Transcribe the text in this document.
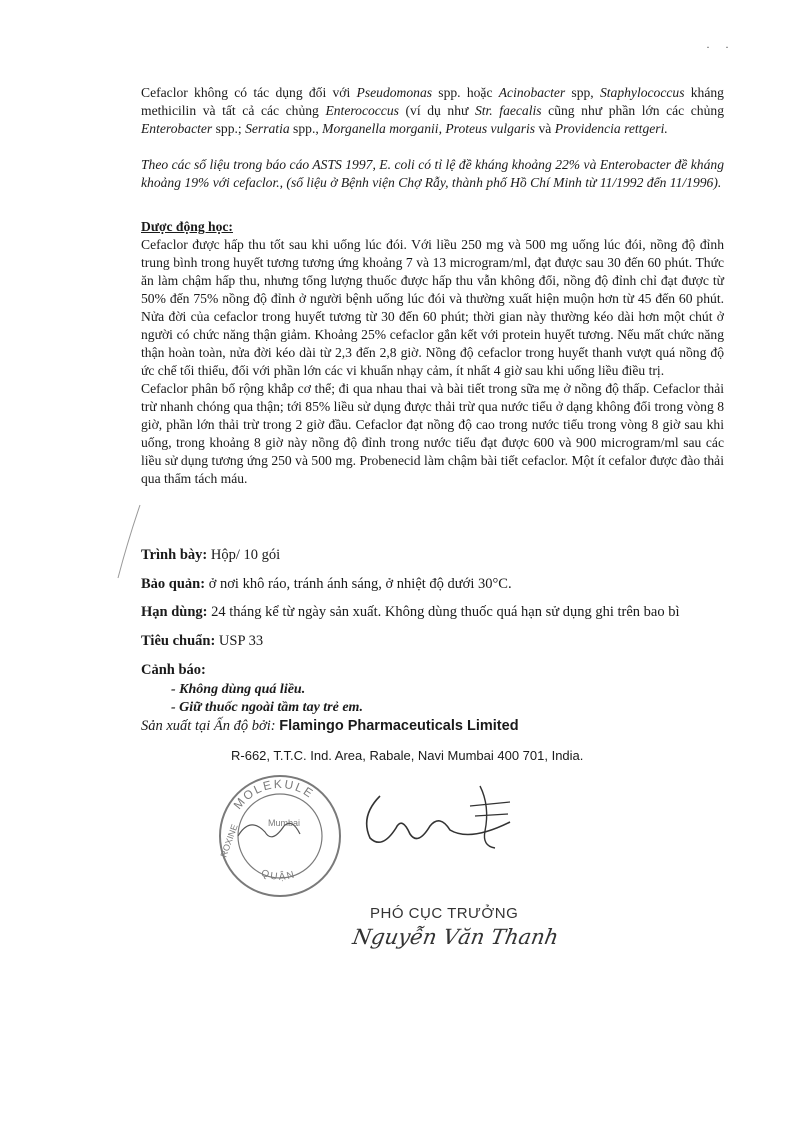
· ·

Cefaclor không có tác dụng đối với Pseudomonas spp. hoặc Acinobacter spp, Staphylococcus kháng methicilin và tất cả các chủng Enterococcus (ví dụ như Str. faecalis cũng như phần lớn các chủng Enterobacter spp.; Serratia spp., Morganella morganii, Proteus vulgaris và Providencia rettgeri.

Theo các số liệu trong báo cáo ASTS 1997, E. coli có tỉ lệ đề kháng khoảng 22% và Enterobacter đề kháng khoảng 19% với cefaclor., (số liệu ở Bệnh viện Chợ Rẫy, thành phố Hồ Chí Minh từ 11/1992 đến 11/1996).

Dược động học:

Cefaclor được hấp thu tốt sau khi uống lúc đói. Với liều 250 mg và 500 mg uống lúc đói, nồng độ đỉnh trung bình trong huyết tương tương ứng khoảng 7 và 13 microgram/ml, đạt được sau 30 đến 60 phút. Thức ăn làm chậm hấp thu, nhưng tổng lượng thuốc được hấp thu vẫn không đổi, nồng độ đỉnh chỉ đạt được từ 50% đến 75% nồng độ đỉnh ở người bệnh uống lúc đói và thường xuất hiện muộn hơn từ 45 đến 60 phút. Nửa đời của cefaclor trong huyết tương từ 30 đến 60 phút; thời gian này thường kéo dài hơn một chút ở người có chức năng thận giảm. Khoảng 25% cefaclor gắn kết với protein huyết tương. Nếu mất chức năng thận hoàn toàn, nửa đời kéo dài từ 2,3 đến 2,8 giờ. Nồng độ cefaclor trong huyết thanh vượt quá nồng độ ức chế tối thiểu, đối với phần lớn các vi khuẩn nhạy cảm, ít nhất 4 giờ sau khi uống liều điều trị.

Cefaclor phân bố rộng khắp cơ thể; đi qua nhau thai và bài tiết trong sữa mẹ ở nồng độ thấp. Cefaclor thải trừ nhanh chóng qua thận; tới 85% liều sử dụng được thải trừ qua nước tiểu ở dạng không đổi trong vòng 8 giờ, phần lớn thải trừ trong 2 giờ đầu. Cefaclor đạt nồng độ cao trong nước tiểu trong vòng 8 giờ sau khi uống, trong khoảng 8 giờ này nồng độ đỉnh trong nước tiểu đạt được 600 và 900 microgram/ml sau các liều sử dụng tương ứng 250 và 500 mg. Probenecid làm chậm bài tiết cefaclor. Một ít cefalor được đào thải qua thẩm tách máu.

Trình bày: Hộp/ 10 gói
Bảo quản: ở nơi khô ráo, tránh ánh sáng, ở nhiệt độ dưới 30°C.
Hạn dùng: 24 tháng kể từ ngày sản xuất. Không dùng thuốc quá hạn sử dụng ghi trên bao bì
Tiêu chuẩn: USP 33
Cảnh báo:
- Không dùng quá liều.
- Giữ thuốc ngoài tầm tay trẻ em.
Sản xuất tại Ấn độ bởi: Flamingo Pharmaceuticals Limited
R-662, T.T.C. Ind. Area, Rabale, Navi Mumbai 400 701, India.
MOLEKULE
QUẬN
ROXINE	Mumbai
PHÓ CỤC TRƯỞNG
Nguyễn Văn Thanh
